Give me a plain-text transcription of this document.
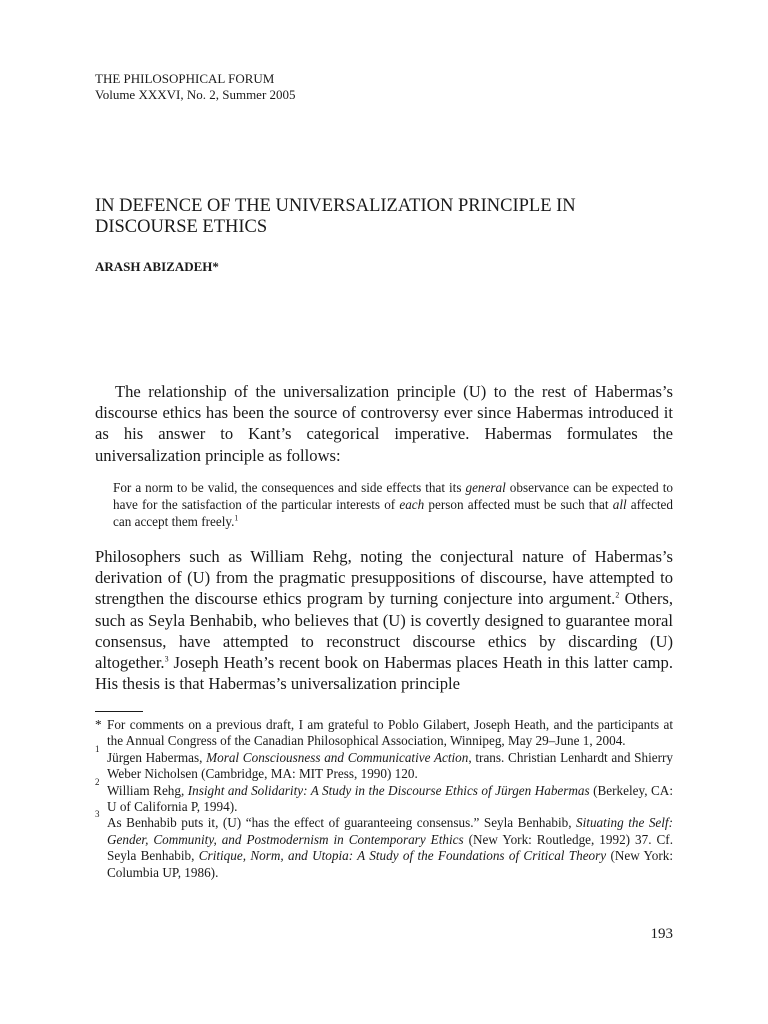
THE PHILOSOPHICAL FORUM
Volume XXXVI, No. 2, Summer 2005
IN DEFENCE OF THE UNIVERSALIZATION PRINCIPLE IN DISCOURSE ETHICS
ARASH ABIZADEH*

The relationship of the universalization principle (U) to the rest of Habermas’s discourse ethics has been the source of controversy ever since Habermas introduced it as his answer to Kant’s categorical imperative. Habermas formulates the universalization principle as follows:

For a norm to be valid, the consequences and side effects that its general observance can be expected to have for the satisfaction of the particular interests of each person affected must be such that all affected can accept them freely.$^1$

Philosophers such as William Rehg, noting the conjectural nature of Habermas’s derivation of (U) from the pragmatic presuppositions of discourse, have attempted to strengthen the discourse ethics program by turning conjecture into argument.$^2$ Others, such as Seyla Benhabib, who believes that (U) is covertly designed to guarantee moral consensus, have attempted to reconstruct discourse ethics by discarding (U) altogether.$^3$ Joseph Heath’s recent book on Habermas places Heath in this latter camp. His thesis is that Habermas’s universalization principle

* For comments on a previous draft, I am grateful to Poblo Gilabert, Joseph Heath, and the participants at the Annual Congress of the Canadian Philosophical Association, Winnipeg, May 29–June 1, 2004.

1
Jürgen Habermas, Moral Consciousness and Communicative Action, trans. Christian Lenhardt and Shierry Weber Nicholsen (Cambridge, MA: MIT Press, 1990) 120.

2
William Rehg, Insight and Solidarity: A Study in the Discourse Ethics of Jürgen Habermas (Berkeley, CA: U of California P, 1994).

3
As Benhabib puts it, (U) “has the effect of guaranteeing consensus.” Seyla Benhabib, Situating the Self: Gender, Community, and Postmodernism in Contemporary Ethics (New York: Routledge, 1992) 37. Cf. Seyla Benhabib, Critique, Norm, and Utopia: A Study of the Foundations of Critical Theory (New York: Columbia UP, 1986).

193
